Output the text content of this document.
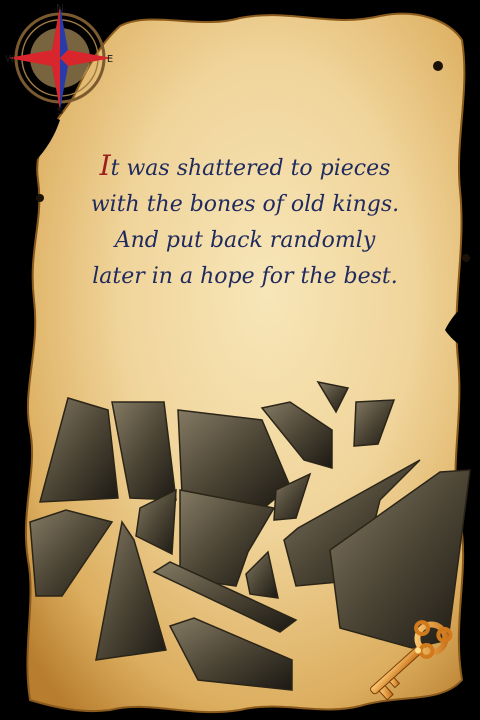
N
E
S
W
It was shattered to pieces
with the bones of old kings.
And put back randomly
later in a hope for the best.
